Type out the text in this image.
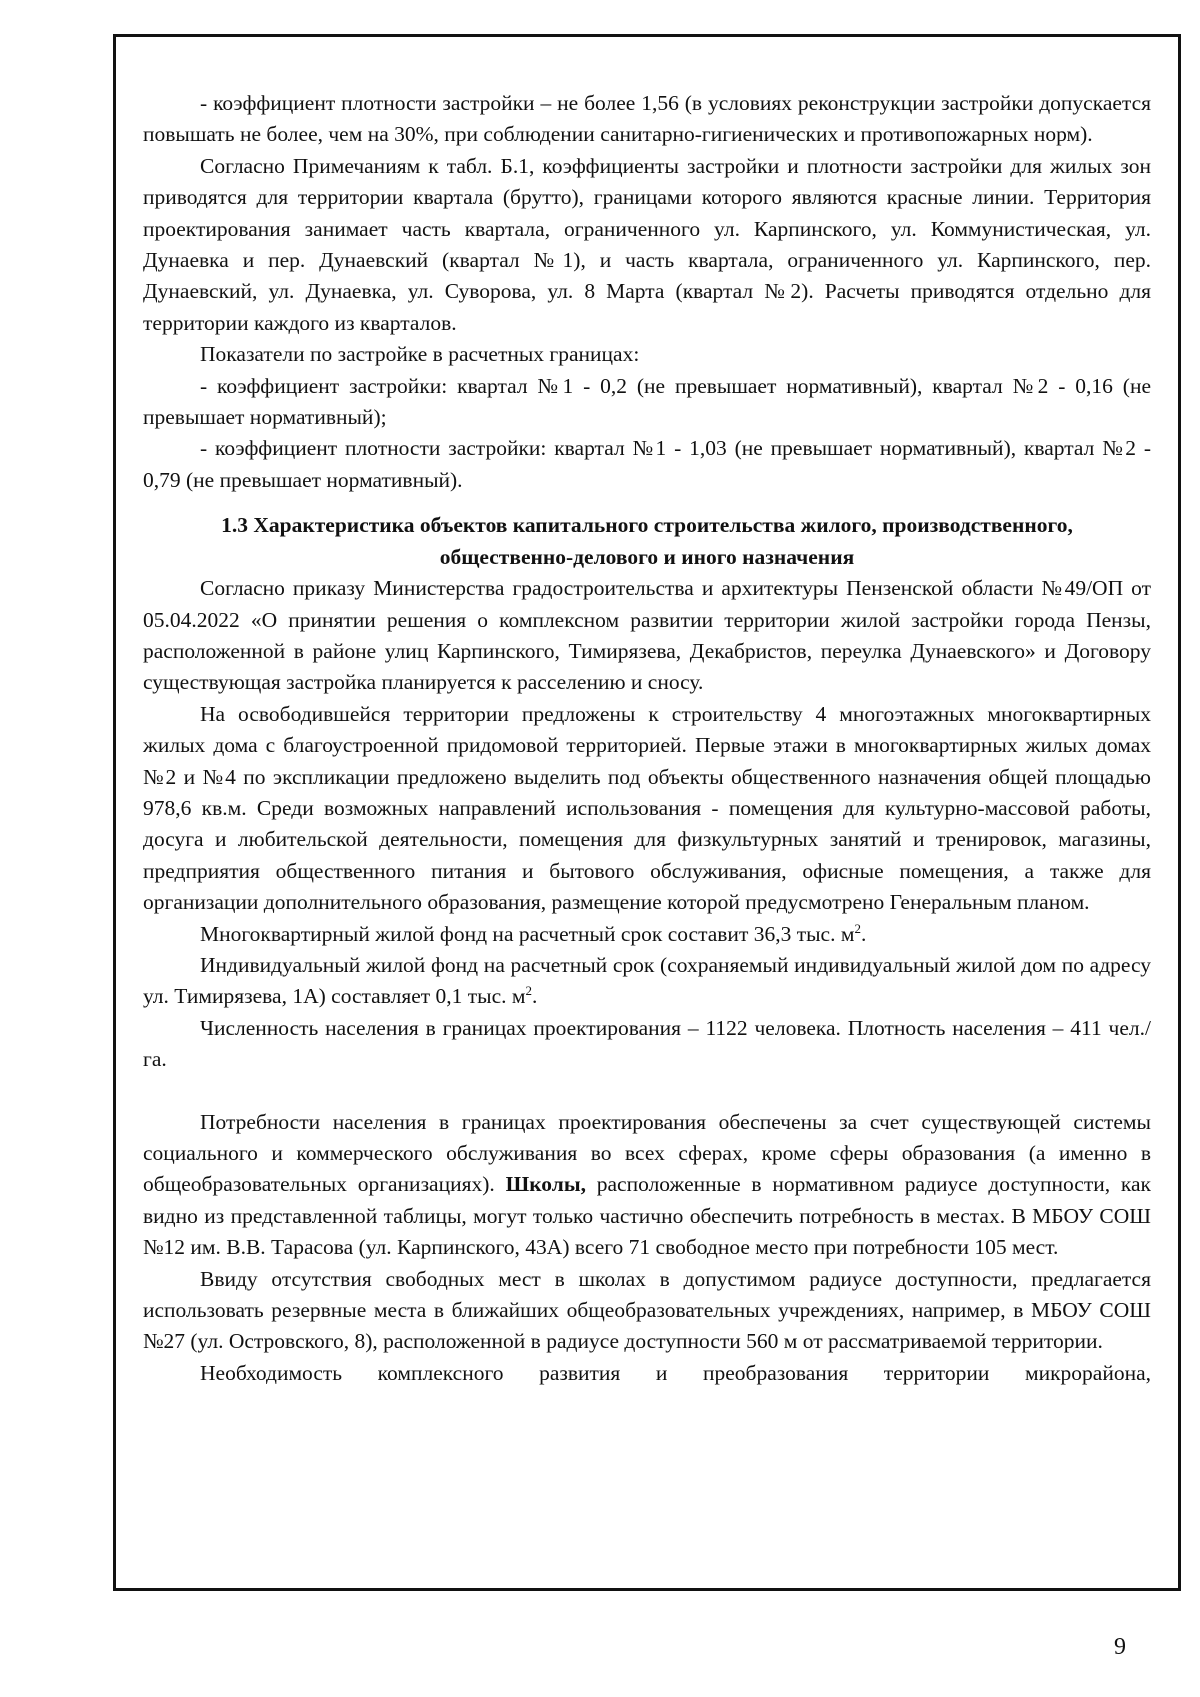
- коэффициент плотности застройки – не более 1,56 (в условиях реконструкции застройки допускается повышать не более, чем на 30%, при соблюдении санитарно-гигиенических и противопожарных норм).

Согласно Примечаниям к табл. Б.1, коэффициенты застройки и плотности застройки для жилых зон приводятся для территории квартала (брутто), границами которого являются красные линии. Территория проектирования занимает часть квартала, ограниченного ул. Карпинского, ул. Коммунистическая, ул. Дунаевка и пер. Дунаевский (квартал №1), и часть квартала, ограниченного ул. Карпинского, пер. Дунаевский, ул. Дунаевка, ул. Суворова, ул. 8 Марта (квартал №2). Расчеты приводятся отдельно для территории каждого из кварталов.

Показатели по застройке в расчетных границах:

- коэффициент застройки: квартал №1 - 0,2 (не превышает нормативный), квартал №2 - 0,16 (не превышает нормативный);

- коэффициент плотности застройки: квартал №1 - 1,03 (не превышает нормативный), квартал №2 - 0,79 (не превышает нормативный).

1.3 Характеристика объектов капитального строительства жилого, производственного,
общественно-делового и иного назначения

Согласно приказу Министерства градостроительства и архитектуры Пензенской области №49/ОП от 05.04.2022 «О принятии решения о комплексном развитии территории жилой застройки города Пензы, расположенной в районе улиц Карпинского, Тимирязева, Декабристов, переулка Дунаевского» и Договору существующая застройка планируется к расселению и сносу.

На освободившейся территории предложены к строительству 4 многоэтажных многоквартирных жилых дома с благоустроенной придомовой территорией. Первые этажи в многоквартирных жилых домах №2 и №4 по экспликации предложено выделить под объекты общественного назначения общей площадью 978,6 кв.м. Среди возможных направлений использования - помещения для культурно-массовой работы, досуга и любительской деятельности, помещения для физкультурных занятий и тренировок, магазины, предприятия общественного питания и бытового обслуживания, офисные помещения, а также для организации дополнительного образования, размещение которой предусмотрено Генеральным планом.

Многоквартирный жилой фонд на расчетный срок составит 36,3 тыс. $м^2$.

Индивидуальный жилой фонд на расчетный срок (сохраняемый индивидуальный жилой дом по адресу ул. Тимирязева, 1А) составляет 0,1 тыс. $м^2$.

Численность населения в границах проектирования – 1122 человека. Плотность населения – 411 чел./га.

Потребности населения в границах проектирования обеспечены за счет существующей системы социального и коммерческого обслуживания во всех сферах, кроме сферы образования (а именно в общеобразовательных организациях). Школы, расположенные в нормативном радиусе доступности, как видно из представленной таблицы, могут только частично обеспечить потребность в местах. В МБОУ СОШ №12 им. В.В. Тарасова (ул. Карпинского, 43А) всего 71 свободное место при потребности 105 мест.

Ввиду отсутствия свободных мест в школах в допустимом радиусе доступности, предлагается использовать резервные места в ближайших общеобразовательных учреждениях, например, в МБОУ СОШ №27 (ул. Островского, 8), расположенной в радиусе доступности 560 м от рассматриваемой территории.

Необходимость комплексного развития и преобразования территории микрорайона,

9
